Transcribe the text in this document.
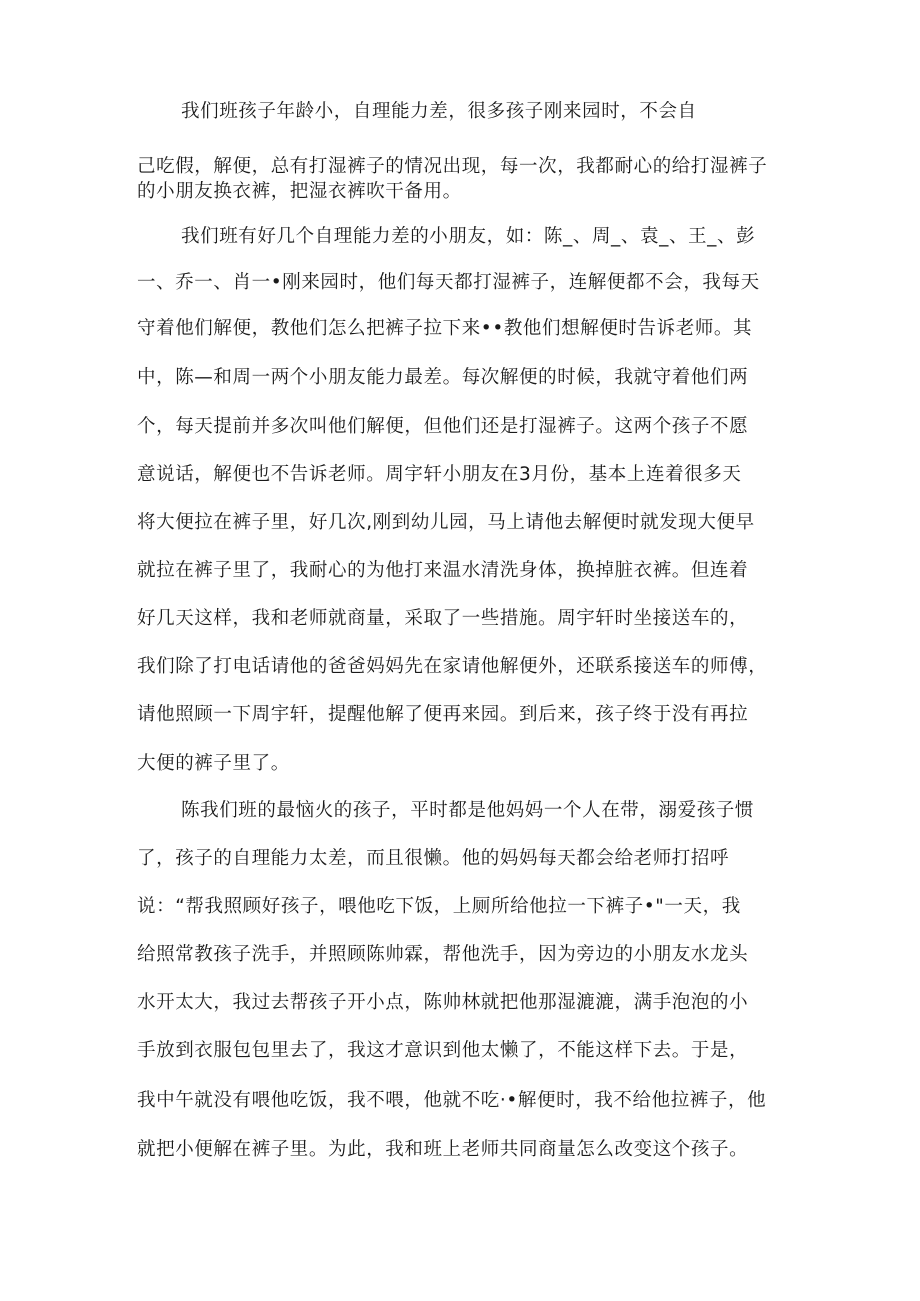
我们班孩子年龄小，自理能力差，很多孩子刚来园时，不会自

己吃假，解便，总有打湿裤子的情况出现，每一次，我都耐心的给打湿裤子

的小朋友换衣裤，把湿衣裤吹干备用。

我们班有好几个自理能力差的小朋友，如：陈_、周_、袁_、王_、彭

一、乔一、肖一•刚来园时，他们每天都打湿裤子，连解便都不会，我每天

守着他们解便，教他们怎么把裤子拉下来••教他们想解便时告诉老师。其

中，陈—和周一两个小朋友能力最差。每次解便的时候，我就守着他们两

个，每天提前并多次叫他们解便，但他们还是打湿裤子。这两个孩子不愿

意说话，解便也不告诉老师。周宇轩小朋友在3月份，基本上连着很多天

将大便拉在裤子里，好几次,刚到幼儿园，马上请他去解便时就发现大便早

就拉在裤子里了，我耐心的为他打来温水清洗身体，换掉脏衣裤。但连着

好几天这样，我和老师就商量，采取了一些措施。周宇轩时坐接送车的，

我们除了打电话请他的爸爸妈妈先在家请他解便外，还联系接送车的师傅，

请他照顾一下周宇轩，提醒他解了便再来园。到后来，孩子终于没有再拉

大便的裤子里了。

陈我们班的最恼火的孩子，平时都是他妈妈一个人在带，溺爱孩子惯

了，孩子的自理能力太差，而且很懒。他的妈妈每天都会给老师打招呼

说：“帮我照顾好孩子，喂他吃下饭，上厕所给他拉一下裤子•"一天，我

给照常教孩子洗手，并照顾陈帅霖，帮他洗手，因为旁边的小朋友水龙头

水开太大，我过去帮孩子开小点，陈帅林就把他那湿漉漉，满手泡泡的小

手放到衣服包包里去了，我这才意识到他太懒了，不能这样下去。于是，

我中午就没有喂他吃饭，我不喂，他就不吃·•解便时，我不给他拉裤子，他

就把小便解在裤子里。为此，我和班上老师共同商量怎么改变这个孩子。
